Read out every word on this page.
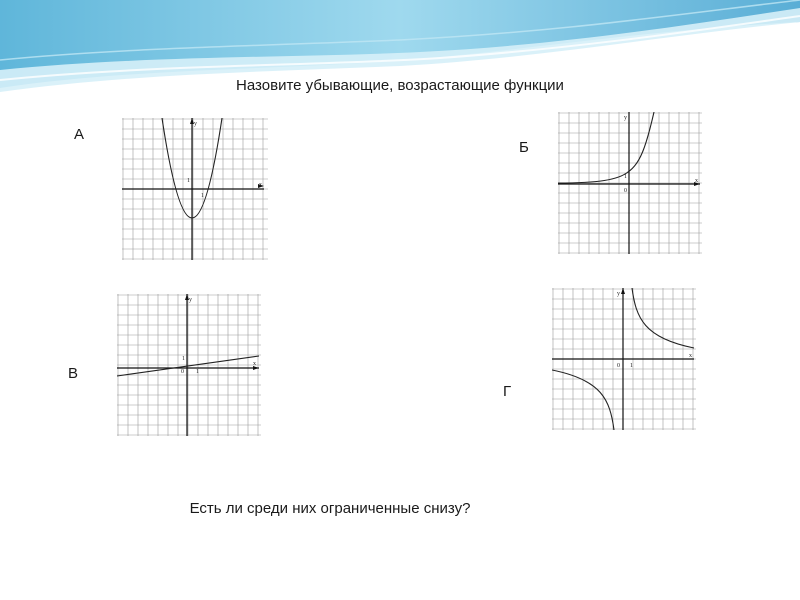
Назовите убывающие, возрастающие функции
А
x
y
1
1
Б
x
y
0
1
В
x
y
0 1
1
Г
x
y
0 1
Есть ли среди них ограниченные снизу?
